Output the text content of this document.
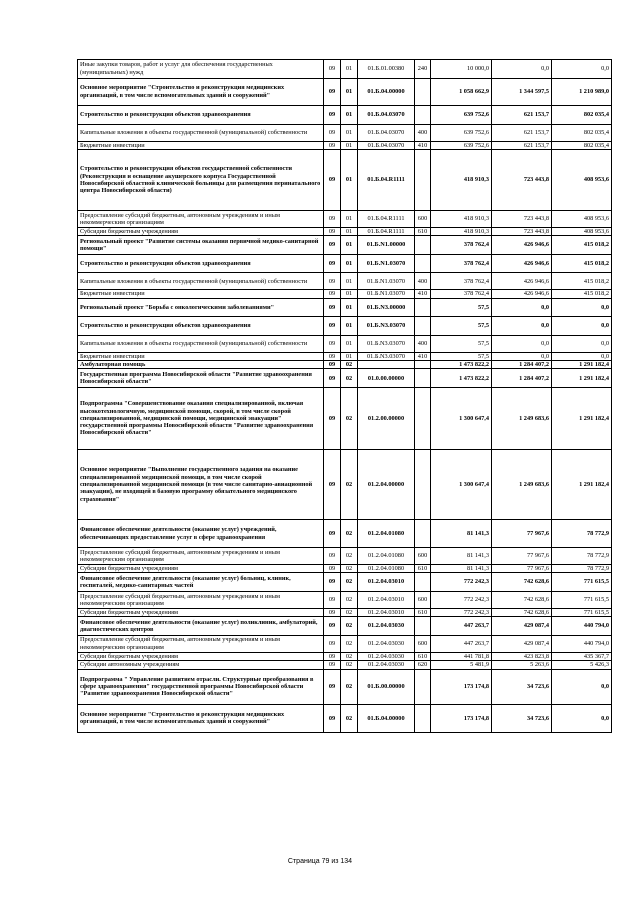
Иные закупки товаров, работ и услуг для обеспечения государственных (муниципальных) нужд	09	01	01.Б.01.00380	240	10 000,0	0,0	0,0
Основное мероприятие "Строительство и реконструкция медицинских организаций, в том числе вспомогательных зданий и сооружений"	09	01	01.Б.04.00000		1 058 662,9	1 344 597,5	1 210 989,0
Строительство и реконструкция объектов здравоохранения	09	01	01.Б.04.03070		639 752,6	621 153,7	802 035,4
Капитальные вложения в объекты государственной (муниципальной) собственности	09	01	01.Б.04.03070	400	639 752,6	621 153,7	802 035,4
Бюджетные инвестиции	09	01	01.Б.04.03070	410	639 752,6	621 153,7	802 035,4
Строительство и реконструкция объектов государственной собственности (Реконструкция и оснащение акушерского корпуса Государственной Новосибирской областной клинической больницы для размещения перинатального центра Новосибирской области)	09	01	01.Б.04.R1111		418 910,3	723 443,8	408 953,6
Предоставление субсидий бюджетным, автономным учреждениям и иным некоммерческим организациям	09	01	01.Б.04.R1111	600	418 910,3	723 443,8	408 953,6
Субсидии бюджетным учреждениям	09	01	01.Б.04.R1111	610	418 910,3	723 443,8	408 953,6
Региональный проект "Развитие системы оказания первичной медико-санитарной помощи"	09	01	01.Б.N1.00000		378 762,4	426 946,6	415 018,2
Строительство и реконструкция объектов здравоохранения	09	01	01.Б.N1.03070		378 762,4	426 946,6	415 018,2
Капитальные вложения в объекты государственной (муниципальной) собственности	09	01	01.Б.N1.03070	400	378 762,4	426 946,6	415 018,2
Бюджетные инвестиции	09	01	01.Б.N1.03070	410	378 762,4	426 946,6	415 018,2
Региональный проект "Борьба с онкологическими заболеваниями"	09	01	01.Б.N3.00000		57,5	0,0	0,0
Строительство и реконструкция объектов здравоохранения	09	01	01.Б.N3.03070		57,5	0,0	0,0
Капитальные вложения в объекты государственной (муниципальной) собственности	09	01	01.Б.N3.03070	400	57,5	0,0	0,0
Бюджетные инвестиции	09	01	01.Б.N3.03070	410	57,5	0,0	0,0
Амбулаторная помощь	09	02			1 473 822,2	1 284 407,2	1 291 182,4
Государственная программа Новосибирской области "Развитие здравоохранения Новосибирской области"	09	02	01.0.00.00000		1 473 822,2	1 284 407,2	1 291 182,4
Подпрограмма "Совершенствование оказания специализированной, включая высокотехнологичную, медицинской помощи, скорой, в том числе скорой специализированной, медицинской помощи, медицинской эвакуации" государственной программы Новосибирской области "Развитие здравоохранения Новосибирской области"	09	02	01.2.00.00000		1 300 647,4	1 249 683,6	1 291 182,4
Основное мероприятие "Выполнение государственного задания на оказание специализированной медицинской помощи, в том числе скорой специализированной медицинской помощи (в том числе санитарно-авиационной эвакуации), не входящей в базовую программу обязательного медицинского страхования"	09	02	01.2.04.00000		1 300 647,4	1 249 683,6	1 291 182,4
Финансовое обеспечение деятельности (оказание услуг) учреждений, обеспечивающих предоставление услуг в сфере здравоохранения	09	02	01.2.04.01080		81 141,3	77 967,6	78 772,9
Предоставление субсидий бюджетным, автономным учреждениям и иным некоммерческим организациям	09	02	01.2.04.01080	600	81 141,3	77 967,6	78 772,9
Субсидии бюджетным учреждениям	09	02	01.2.04.01080	610	81 141,3	77 967,6	78 772,9
Финансовое обеспечение деятельности (оказание услуг) больниц, клиник, госпиталей, медико-санитарных частей	09	02	01.2.04.03010		772 242,3	742 628,6	771 615,5
Предоставление субсидий бюджетным, автономным учреждениям и иным некоммерческим организациям	09	02	01.2.04.03010	600	772 242,3	742 628,6	771 615,5
Субсидии бюджетным учреждениям	09	02	01.2.04.03010	610	772 242,3	742 628,6	771 615,5
Финансовое обеспечение деятельности (оказание услуг) поликлиник, амбулаторий, диагностических центров	09	02	01.2.04.03030		447 263,7	429 087,4	440 794,0
Предоставление субсидий бюджетным, автономным учреждениям и иным некоммерческим организациям	09	02	01.2.04.03030	600	447 263,7	429 087,4	440 794,0
Субсидии бюджетным учреждениям	09	02	01.2.04.03030	610	441 781,8	423 823,8	435 367,7
Субсидии автономным учреждениям	09	02	01.2.04.03030	620	5 481,9	5 263,6	5 426,3
Подпрограмма " Управление развитием отрасли. Структурные преобразования в сфере здравоохранения" государственной программы Новосибирской области "Развитие здравоохранения Новосибирской области"	09	02	01.Б.00.00000		173 174,8	34 723,6	0,0
Основное мероприятие "Строительство и реконструкция медицинских организаций, в том числе вспомогательных зданий и сооружений"	09	02	01.Б.04.00000		173 174,8	34 723,6	0,0
Страница 79 из 134
